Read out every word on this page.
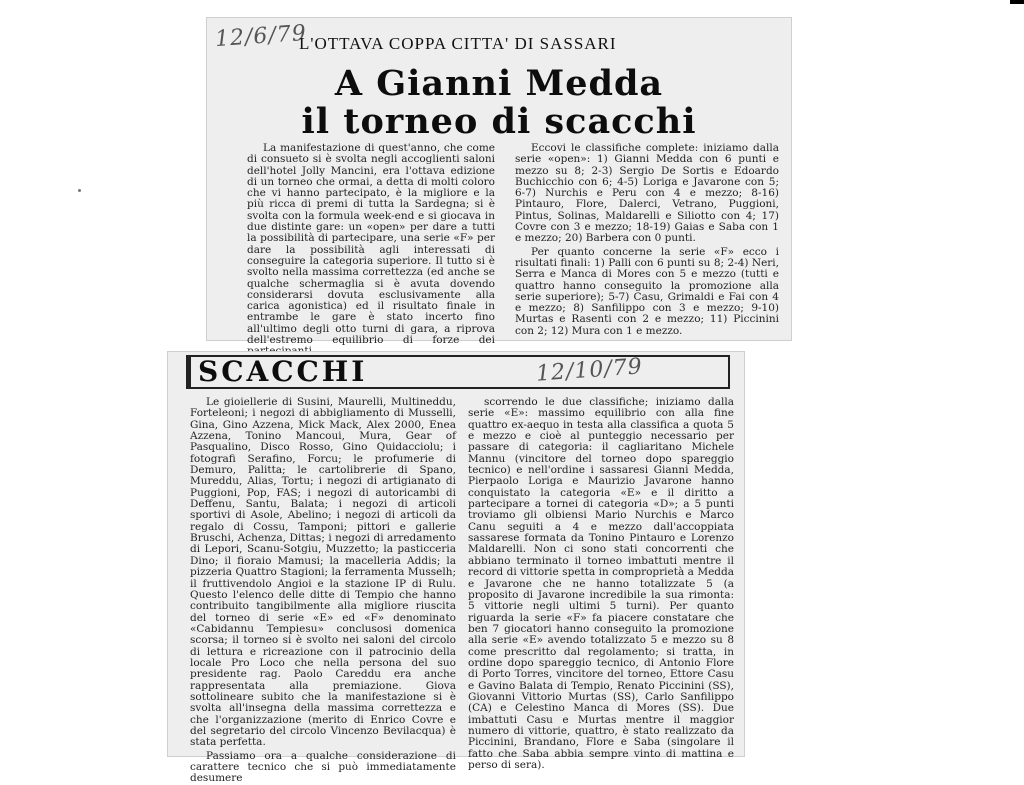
12/6/79
L'OTTAVA COPPA CITTA' DI SASSARI
A Gianni Medda
il torneo di scacchi

La manifestazione di quest'anno, che come di consueto si è svolta negli accoglienti saloni dell'hotel Jolly Mancini, era l'ottava edizione di un torneo che ormai, a detta di molti coloro che vi hanno partecipato, è la migliore e la più ricca di premi di tutta la Sardegna; si è svolta con la formula week-end e si giocava in due distinte gare: un «open» per dare a tutti la possibilità di partecipare, una serie «F» per dare la possibilità agli interessati di conseguire la categoria superiore. Il tutto si è svolto nella massima correttezza (ed anche se qualche schermaglia si è avuta dovendo considerarsi dovuta esclusivamente alla carica agonistica) ed il risultato finale in entrambe le gare è stato incerto fino all'ultimo degli otto turni di gara, a riprova dell'estremo equilibrio di forze dei

Eccovi le classifiche complete: iniziamo dalla serie «open»: 1) Gianni Medda con 6 punti e mezzo su 8; 2-3) Sergio De Sortis e Edoardo Buchicchio con 6; 4-5) Loriga e Javarone con 5; 6-7) Nurchis e Peru con 4 e mezzo; 8-16) Pintauro, Flore, Dalerci, Vetrano, Puggioni, Pintus, Solinas, Maldarelli e Siliotto con 4; 17) Covre con 3 e mezzo; 18-19) Gaias e Saba con 1 e mezzo; 20) Barbera con 0 punti.

Per quanto concerne la serie «F» ecco i risultati finali: 1) Palli con 6 punti su 8; 2-4) Neri, Serra e Manca di Mores con 5 e mezzo (tutti e quattro hanno conseguito la promozione alla serie superiore); 5-7) Casu, Grimaldi e Fai con 4 e mezzo; 8) Sanfilippo con 3 e mezzo; 9-10) Murtas e Rasenti con 2 e mezzo; 11) Piccinini con 2; 12) Mura con 1 e mezzo.

SCACCHI	12/10/79

Le gioiellerie di Susini, Maurelli, Multineddu, Forteleoni; i negozi di abbigliamento di Musselli, Gina, Gino Azzena, Mick Mack, Alex 2000, Enea Azzena, Tonino Mancoui, Mura, Gear of Pasqualino, Disco Rosso, Gino Quidacciolu; i fotografi Serafino, Forcu; le profumerie di Demuro, Palitta; le cartolibrerie di Spano, Mureddu, Alias, Tortu; i negozi di artigianato di Puggioni, Pop, FAS; i negozi di autoricambi di Deffenu, Santu, Balata; i negozi di articoli sportivi di Asole, Abelino; i negozi di articoli da regalo di Cossu, Tamponi; pittori e gallerie Bruschi, Achenza, Dittas; i negozi di arredamento di Lepori, Scanu-Sotgiu, Muzzetto; la pasticceria Dino; il fioraio Mamusi; la macelleria Addis; la pizzeria Quattro Stagioni; la ferramenta Musselh; il fruttivendolo Angioi e la stazione IP di Rulu. Questo l'elenco delle ditte di Tempio che hanno contribuito tangibilmente alla migliore riuscita del torneo di serie «E» ed «F» denominato «Cabidannu Tempiesu» conclusosi domenica scorsa; il torneo si è svolto nei saloni del circolo di lettura e ricreazione con il patrocinio della locale Pro Loco che nella persona del suo presidente rag. Paolo Careddu era anche rappresentata alla premiazione. Giova sottolineare subito che la manifestazione si è svolta all'insegna della massima correttezza e che l'organizzazione (merito di Enrico Covre e del segretario del circolo Vincenzo Bevilacqua) è stata perfetta.

Passiamo ora a qualche considerazione di carattere tecnico che si può immediatamente desumere

scorrendo le due classifiche; iniziamo dalla serie «E»: massimo equilibrio con alla fine quattro ex-aequo in testa alla classifica a quota 5 e mezzo e cioè al punteggio necessario per passare di categoria: il cagliaritano Michele Mannu (vincitore del torneo dopo spareggio tecnico) e nell'ordine i sassaresi Gianni Medda, Pierpaolo Loriga e Maurizio Javarone hanno conquistato la categoria «E» e il diritto a partecipare a tornei di categoria «D»; a 5 punti troviamo gli olbiensi Mario Nurchis e Marco Canu seguiti a 4 e mezzo dall'accoppiata sassarese formata da Tonino Pintauro e Lorenzo Maldarelli. Non ci sono stati concorrenti che abbiano terminato il torneo imbattuti mentre il record di vittorie spetta in comproprietà a Medda e Javarone che ne hanno totalizzate 5 (a proposito di Javarone incredibile la sua rimonta: 5 vittorie negli ultimi 5 turni). Per quanto riguarda la serie «F» fa piacere constatare che ben 7 giocatori hanno conseguito la promozione alla serie «E» avendo totalizzato 5 e mezzo su 8 come prescritto dal regolamento; si tratta, in ordine dopo spareggio tecnico, di Antonio Flore di Porto Torres, vincitore del torneo, Ettore Casu e Gavino Balata di Tempio, Renato Piccinini (SS), Giovanni Vittorio Murtas (SS), Carlo Sanfilippo (CA) e Celestino Manca di Mores (SS). Due imbattuti Casu e Murtas mentre il maggior numero di vittorie, quattro, è stato realizzato da Piccinini, Brandano, Flore e Saba (singolare il fatto che Saba abbia sempre vinto di mattina e perso di sera).
